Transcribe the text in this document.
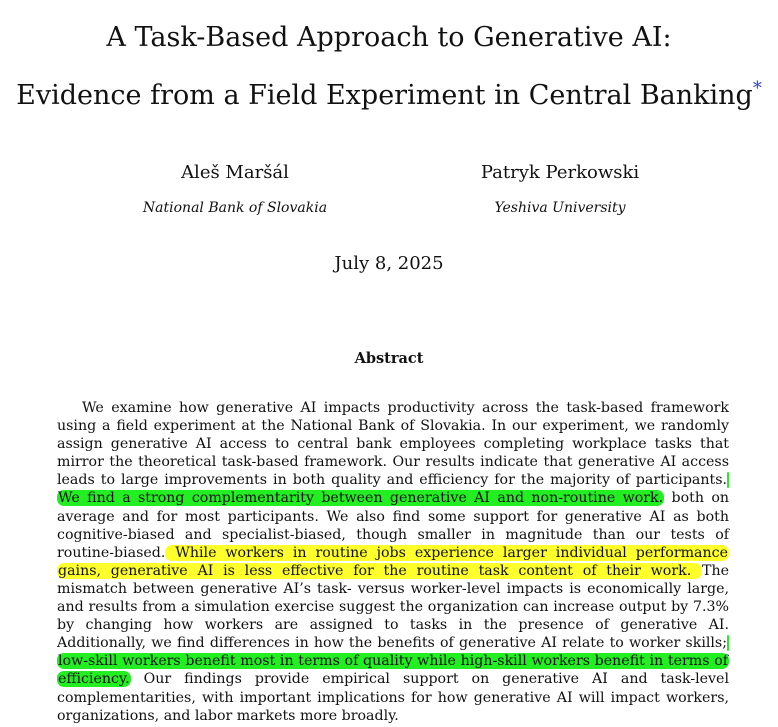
A Task-Based Approach to Generative AI:
Evidence from a Field Experiment in Central Banking*
Aleš Maršál
National Bank of Slovakia
Patryk Perkowski
Yeshiva University
July 8, 2025
Abstract

We examine how generative AI impacts productivity across the task-based framework using a field experiment at the National Bank of Slovakia. In our experiment, we randomly assign generative AI access to central bank employees completing workplace tasks that mirror the theoretical task-based framework. Our results indicate that generative AI access leads to large improvements in both quality and efficiency for the majority of participants. We find a strong complementarity between generative AI and non-routine work. both on average and for most participants. We also find some support for generative AI as both cognitive-biased and specialist-biased, though smaller in magnitude than our tests of routine-biased. While workers in routine jobs experience larger individual performance gains, generative AI is less effective for the routine task content of their work. The mismatch between generative AI’s task- versus worker-level impacts is economically large, and results from a simulation exercise suggest the organization can increase output by 7.3% by changing how workers are assigned to tasks in the presence of generative AI. Additionally, we find differences in how the benefits of generative AI relate to worker skills; low-skill workers benefit most in terms of quality while high-skill workers benefit in terms of efficiency. Our findings provide empirical support on generative AI and task-level complementarities, with important implications for how generative AI will impact workers, organizations, and labor markets more broadly.
